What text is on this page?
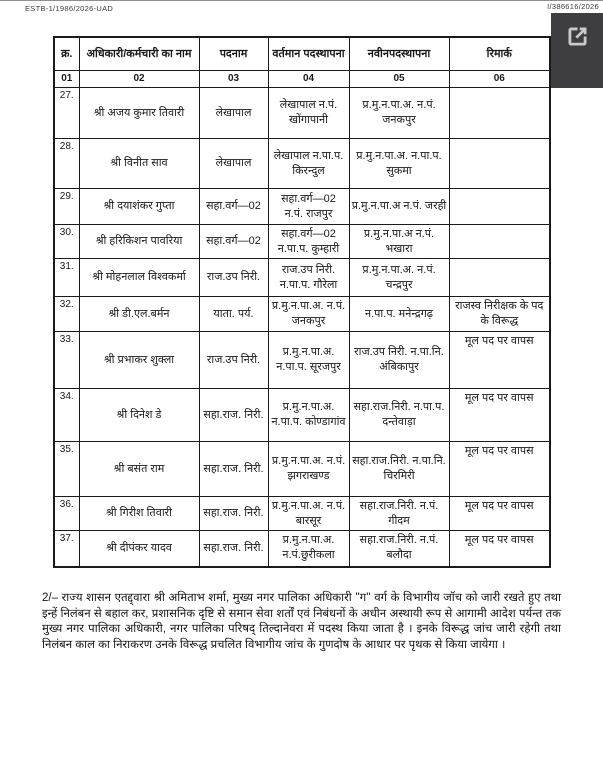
ESTB-1/1986/2026-UAD	I/386616/2026
क्र.	अधिकारी/कर्मचारी का नाम	पदनाम	वर्तमान पदस्थापना	नवीनपदस्थापना	रिमार्क
01	02	03	04	05	06
27.	श्री अजय कुमार तिवारी	लेखापाल	लेखापाल न.पं. खोंगापानी	प्र.मु.न.पा.अ. न.पं. जनकपुर	
28.	श्री विनीत साव	लेखापाल	लेखापाल न.पा.प. किरन्दुल	प्र.मु.न.पा.अ. न.पा.प. सुकमा	
29.	श्री दयाशंकर गुप्ता	सहा.वर्ग—02	सहा.वर्ग—02 न.पं. राजपुर	प्र.मु.न.पा.अ न.पं. जरही	
30.	श्री हरिकिशन पावरिया	सहा.वर्ग—02	सहा.वर्ग—02 न.पा.प. कुम्हारी	प्र.मु.न.पा.अ न.पं. भखारा	
31.	श्री मोहनलाल विश्वकर्मा	राज.उप निरी.	राज.उप निरी. न.पा.प. गौरेला	प्र.मु.न.पा.अ. न.पं. चन्द्रपुर	
32.	श्री डी.एल.बर्मन	याता. पर्य.	प्र.मु.न.पा.अ. न.पं. जनकपुर	न.पा.प. मनेन्द्रगढ़	राजस्व निरीक्षक के पद के विरूद्ध
33.	श्री प्रभाकर शुक्ला	राज.उप निरी.	प्र.मु.न.पा.अ. न.पा.प. सूरजपुर	राज.उप निरी. न.पा.नि. अंबिकापुर	मूल पद पर वापस
34.	श्री दिनेश डे	सहा.राज. निरी.	प्र.मु.न.पा.अ. न.पा.प. कोण्डागांव	सहा.राज.निरी. न.पा.प. दन्तेवाड़ा	मूल पद पर वापस
35.	श्री बसंत राम	सहा.राज. निरी.	प्र.मु.न.पा.अ. न.पं. झगराखण्ड	सहा.राज.निरी. न.पा.नि. चिरमिरी	मूल पद पर वापस
36.	श्री गिरीश तिवारी	सहा.राज. निरी.	प्र.मु.न.पा.अ. न.पं. बारसूर	सहा.राज.निरी. न.पं. गीदम	मूल पद पर वापस
37.	श्री दीपंकर यादव	सहा.राज. निरी.	प्र.मु.न.पा.अ. न.पं.छुरीकला	सहा.राज.निरी. न.पं. बलौदा	मूल पद पर वापस

2/– राज्य शासन एतद्द्वारा श्री अमिताभ शर्मा, मुख्य नगर पालिका अधिकारी ''ग'' वर्ग के विभागीय जॉच को जारी रखते हुए तथा इन्हें निलंबन से बहाल कर, प्रशासनिक दृष्टि से समान सेवा शर्तों एवं निबंधनों के अधीन अस्थायी रूप से आगामी आदेश पर्यन्त तक मुख्य नगर पालिका अधिकारी, नगर पालिका परिषद् तिल्दानेवरा में पदस्थ किया जाता है । इनके विरूद्ध जांच जारी रहेगी तथा निलंबन काल का निराकरण उनके विरूद्ध प्रचलित विभागीय जांच के गुणदोष के आधार पर पृथक से किया जायेगा ।
